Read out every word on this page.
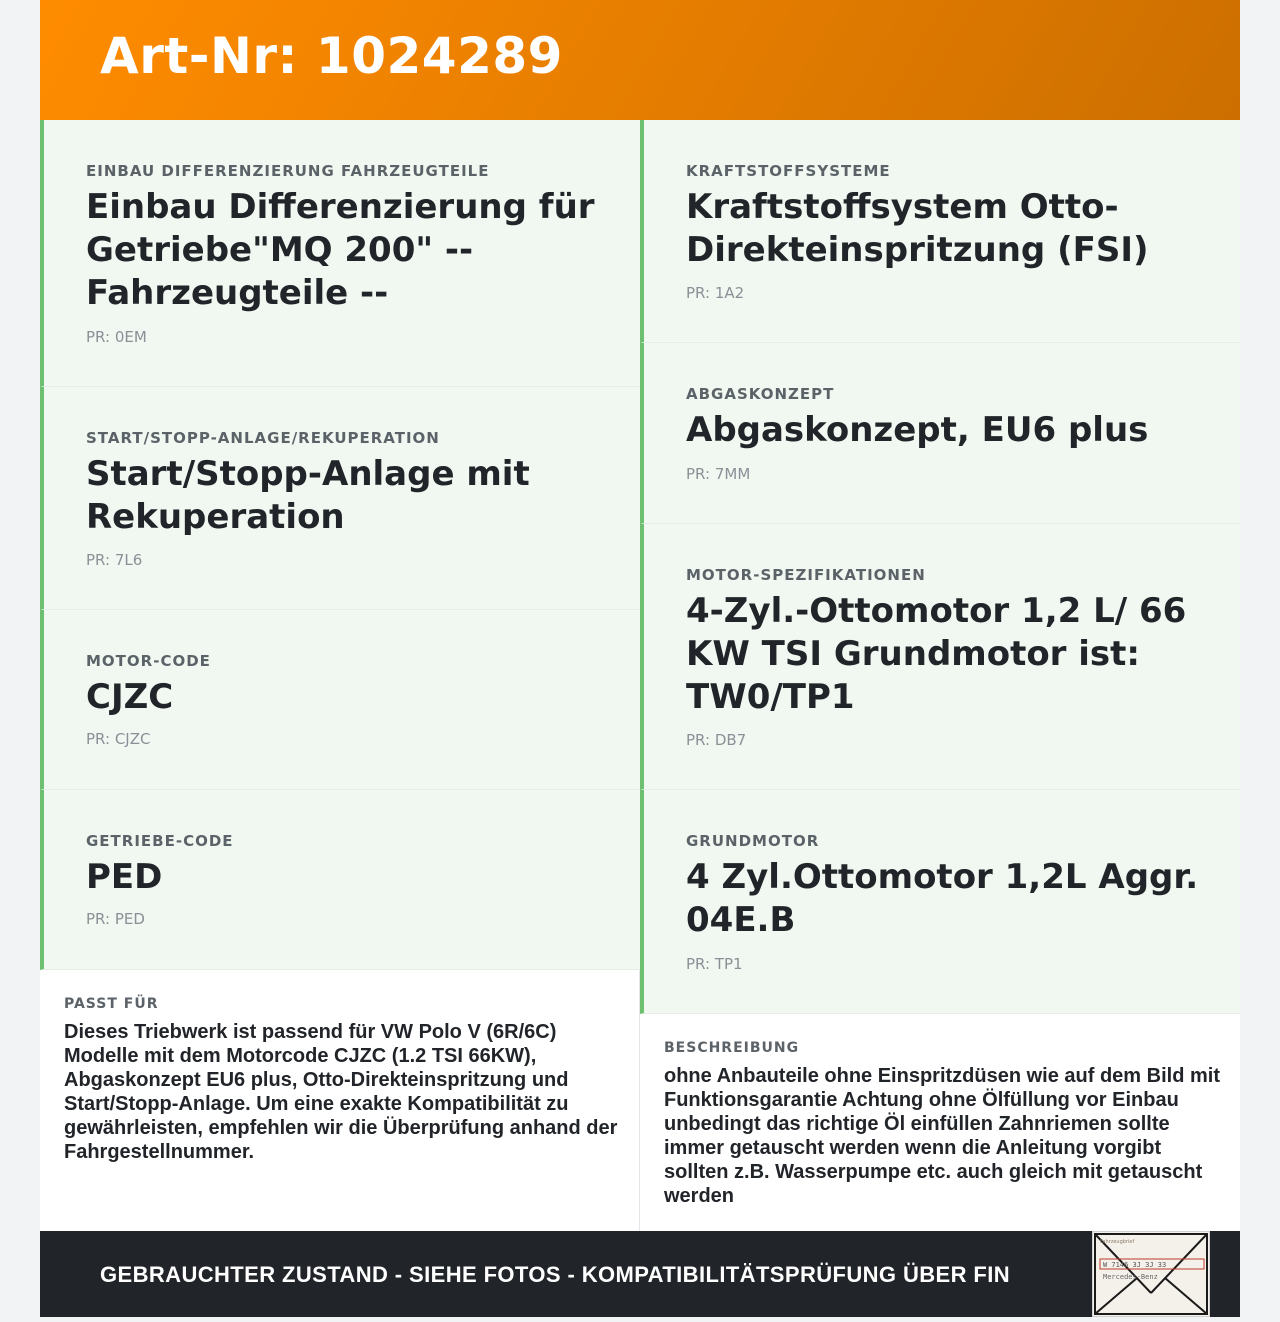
Art-Nr: 1024289
EINBAU DIFFERENZIERUNG FAHRZEUGTEILE
Einbau Differenzierung für Getriebe"MQ 200" -- Fahrzeugteile --
PR: 0EM
START/STOPP-ANLAGE/REKUPERATION
Start/Stopp-Anlage mit Rekuperation
PR: 7L6
MOTOR-CODE
CJZC
PR: CJZC
GETRIEBE-CODE
PED
PR: PED
PASST FÜR
Dieses Triebwerk ist passend für VW Polo V (6R/6C) Modelle mit dem Motorcode CJZC (1.2 TSI 66KW), Abgaskonzept EU6 plus, Otto-Direkteinspritzung und Start/Stopp-Anlage. Um eine exakte Kompatibilität zu gewährleisten, empfehlen wir die Überprüfung anhand der Fahrgestellnummer.
KRAFTSTOFFSYSTEME
Kraftstoffsystem Otto-Direkteinspritzung (FSI)
PR: 1A2
ABGASKONZEPT
Abgaskonzept, EU6 plus
PR: 7MM
MOTOR-SPEZIFIKATIONEN
4-Zyl.-Ottomotor 1,2 L/ 66 KW TSI Grundmotor ist: TW0/TP1
PR: DB7
GRUNDMOTOR
4 Zyl.Ottomotor 1,2L Aggr. 04E.B
PR: TP1
BESCHREIBUNG
ohne Anbauteile ohne Einspritzdüsen wie auf dem Bild mit Funktionsgarantie Achtung ohne Ölfüllung vor Einbau unbedingt das richtige Öl einfüllen Zahnriemen sollte immer getauscht werden wenn die Anleitung vorgibt sollten z.B. Wasserpumpe etc. auch gleich mit getauscht werden
GEBRAUCHTER ZUSTAND - SIEHE FOTOS - KOMPATIBILITÄTSPRÜFUNG ÜBER FIN
Fahrzeugbrief
W 7146 3J 3J 33
Mercedes-Benz
